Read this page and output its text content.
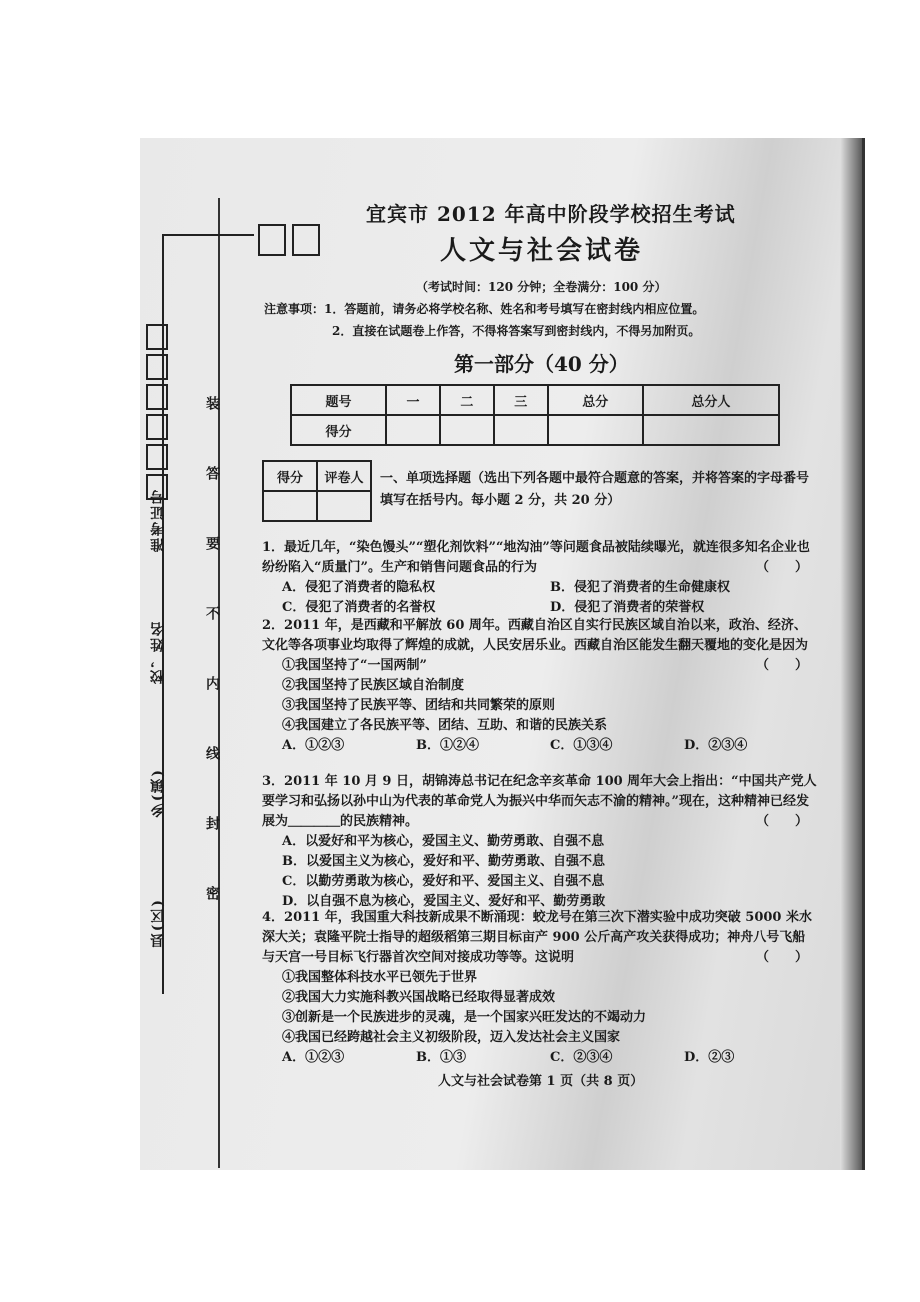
准考证号
校，姓名
乡(镇)
县(区)
装
答
要
不
内
线
封
密
宜宾市 2012 年高中阶段学校招生考试
人文与社会试卷
（考试时间：120 分钟；全卷满分：100 分）
注意事项：1．答题前，请务必将学校名称、姓名和考号填写在密封线内相应位置。
2．直接在试题卷上作答，不得将答案写到密封线内，不得另加附页。
第一部分（40 分）
题号	一	二	三	总分	总分人
得分					
得分	评卷人
	一、单项选择题（选出下列各题中最符合题意的答案，并将答案的字母番号填写在括号内。每小题 2 分，共 20 分）
1．最近几年，“染色馒头”“塑化剂饮料”“地沟油”等问题食品被陆续曝光，就连很多知名企业也纷纷陷入“质量门”。生产和销售问题食品的行为	（　　）
A．侵犯了消费者的隐私权	B．侵犯了消费者的生命健康权
C．侵犯了消费者的名誉权	D．侵犯了消费者的荣誉权
2．2011 年，是西藏和平解放 60 周年。西藏自治区自实行民族区域自治以来，政治、经济、文化等各项事业均取得了辉煌的成就，人民安居乐业。西藏自治区能发生翻天覆地的变化是因为
（　　）
①我国坚持了“一国两制”
②我国坚持了民族区域自治制度
③我国坚持了民族平等、团结和共同繁荣的原则
④我国建立了各民族平等、团结、互助、和谐的民族关系
A．①②③	B．①②④	C．①③④	D．②③④
3．2011 年 10 月 9 日，胡锦涛总书记在纪念辛亥革命 100 周年大会上指出：“中国共产党人要学习和弘扬以孙中山为代表的革命党人为振兴中华而矢志不渝的精神。”现在，这种精神已经发展为＿＿＿＿的民族精神。	（　　）
A．以爱好和平为核心，爱国主义、勤劳勇敢、自强不息
B．以爱国主义为核心，爱好和平、勤劳勇敢、自强不息
C．以勤劳勇敢为核心，爱好和平、爱国主义、自强不息
D．以自强不息为核心，爱国主义、爱好和平、勤劳勇敢
4．2011 年，我国重大科技新成果不断涌现：蛟龙号在第三次下潜实验中成功突破 5000 米水深大关；袁隆平院士指导的超级稻第三期目标亩产 900 公斤高产攻关获得成功；神舟八号飞船与天宫一号目标飞行器首次空间对接成功等等。这说明	（　　）
①我国整体科技水平已领先于世界
②我国大力实施科教兴国战略已经取得显著成效
③创新是一个民族进步的灵魂，是一个国家兴旺发达的不竭动力
④我国已经跨越社会主义初级阶段，迈入发达社会主义国家
A．①②③	B．①③	C．②③④	D．②③
人文与社会试卷第 1 页（共 8 页）
